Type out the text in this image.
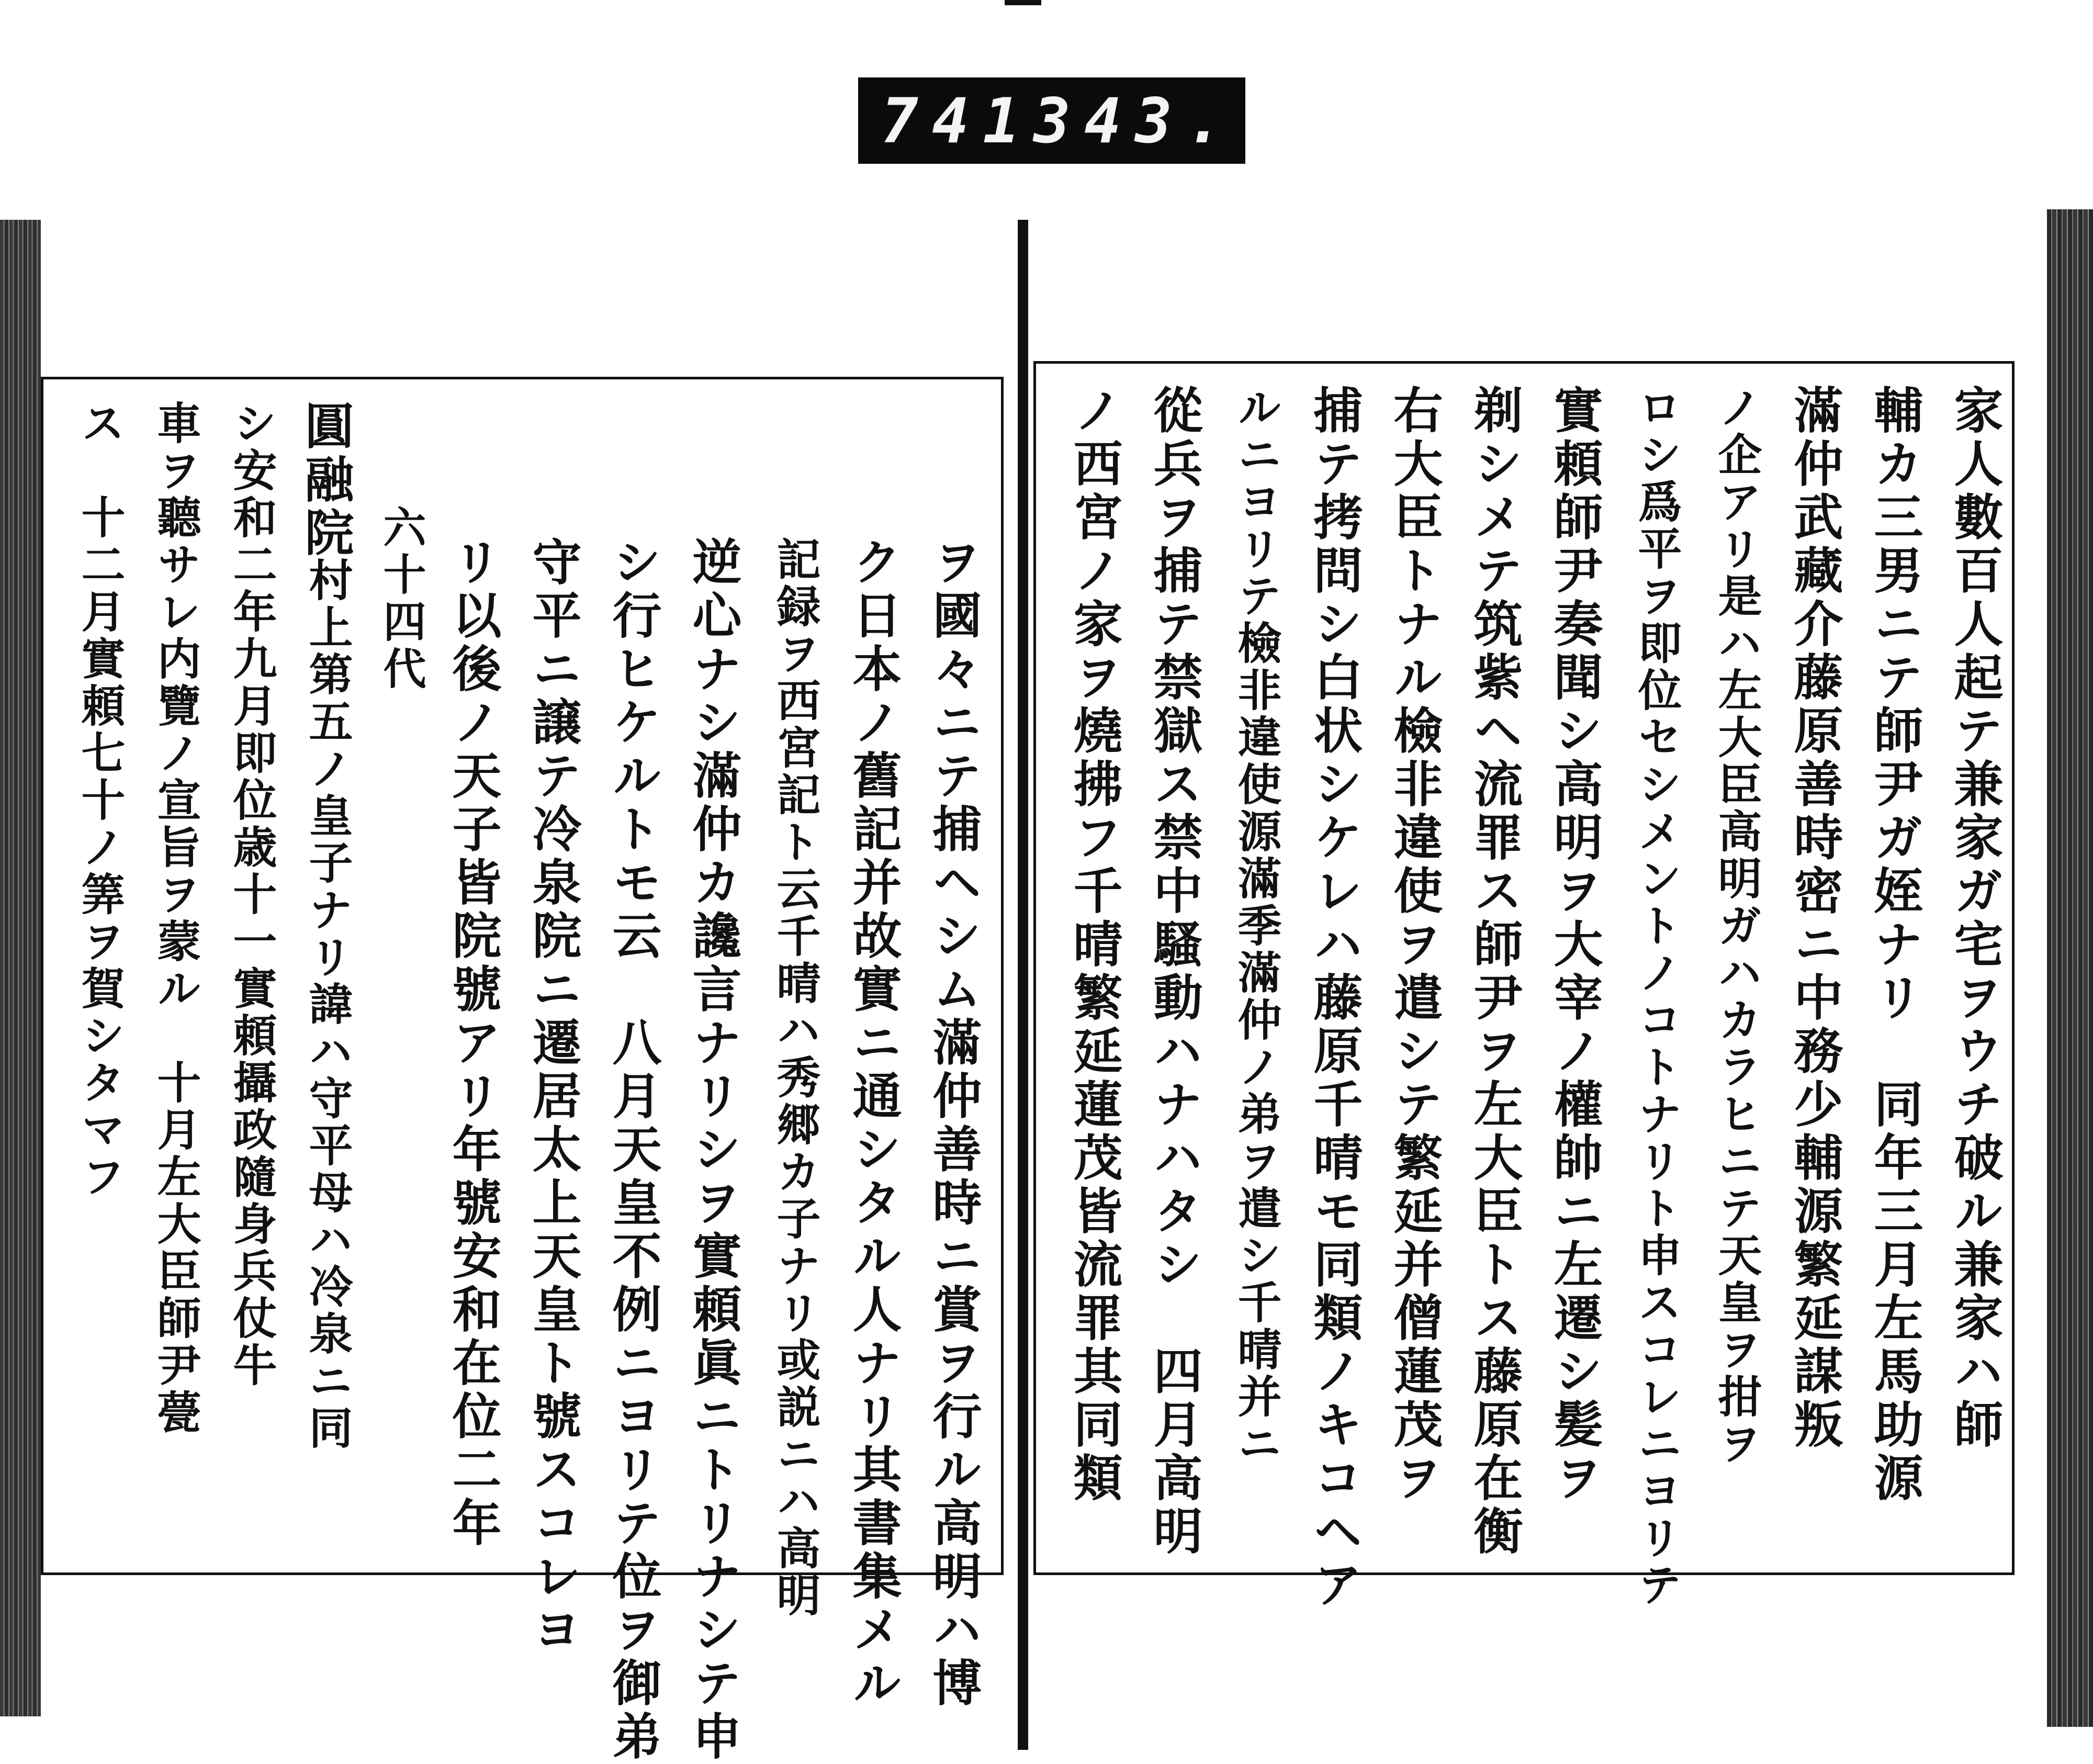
741 343.
家人數百人起テ兼家ガ宅ヲウチ破ル兼家ハ師
輔カ三男ニテ師尹ガ姪ナリ　同年三月左馬助源
滿仲武藏介藤原善時密ニ中務少輔源繁延謀叛
ノ企アリ是ハ左大臣高明ガハカラヒニテ天皇ヲ拑ヲ
ロシ爲平ヲ即位セシメントノコトナリト申スコレニヨリテ
實頼師尹奏聞シ高明ヲ大宰ノ權帥ニ左遷シ髪ヲ
剃シメテ筑紫ヘ流罪ス師尹ヲ左大臣トス藤原在衡
右大臣トナル檢非違使ヲ遣シテ繁延并僧蓮茂ヲ
捕テ拷問シ白状シケレハ藤原千晴モ同類ノキコヘア
ルニヨリテ檢非違使源滿季滿仲ノ弟ヲ遣シ千晴并ニ
從兵ヲ捕テ禁獄ス禁中騷動ハナハタシ　四月高明
ノ西宮ノ家ヲ燒拂フ千晴繁延蓮茂皆流罪其同類
ヲ國々ニテ捕ヘシム滿仲善時ニ賞ヲ行ル高明ハ博
ク日本ノ舊記并故實ニ通シタル人ナリ其書集メル
記録ヲ西宮記ト云千晴ハ秀郷カ子ナリ或説ニハ高明
逆心ナシ滿仲カ讒言ナリシヲ實頼眞ニトリナシテ申
シ行ヒケルトモ云　八月天皇不例ニヨリテ位ヲ御弟
守平ニ譲テ冷泉院ニ遷居太上天皇ト號スコレヨ
リ以後ノ天子皆院號アリ年號安和在位二年
六十四代
圓融院
村上第五ノ皇子ナリ諱ハ守平母ハ冷泉ニ同
シ安和二年九月即位歳十一實頼攝政隨身兵仗牛
車ヲ聽サレ内覽ノ宣旨ヲ蒙ル　十月左大臣師尹甍
ス　十二月實頼七十ノ筭ヲ賀シタマフ
